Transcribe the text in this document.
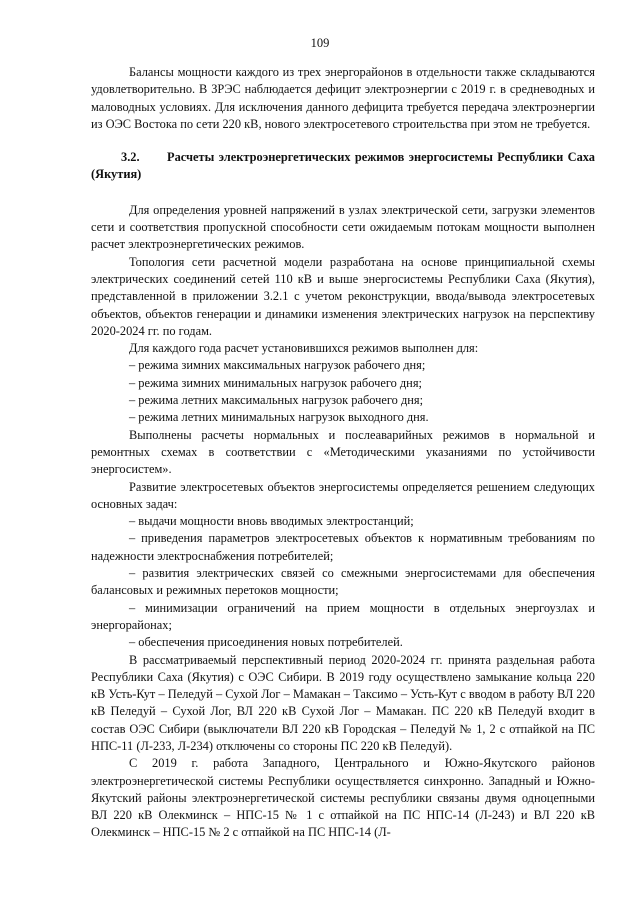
109

Балансы мощности каждого из трех энергорайонов в отдельности также складываются удовлетворительно. В ЗРЭС наблюдается дефицит электроэнергии с 2019 г. в средневодных и маловодных условиях. Для исключения данного дефицита требуется передача электроэнергии из ОЭС Востока по сети 220 кВ, нового электросетевого строительства при этом не требуется.

3.2. Расчеты электроэнергетических режимов энергосистемы Республики Саха (Якутия)

Для определения уровней напряжений в узлах электрической сети, загрузки элементов сети и соответствия пропускной способности сети ожидаемым потокам мощности выполнен расчет электроэнергетических режимов.

Топология сети расчетной модели разработана на основе принципиальной схемы электрических соединений сетей 110 кВ и выше энергосистемы Республики Саха (Якутия), представленной в приложении 3.2.1 с учетом реконструкции, ввода/вывода электросетевых объектов, объектов генерации и динамики изменения электрических нагрузок на перспективу 2020-2024 гг. по годам.

Для каждого года расчет установившихся режимов выполнен для:

– режима зимних максимальных нагрузок рабочего дня;

– режима зимних минимальных нагрузок рабочего дня;

– режима летних максимальных нагрузок рабочего дня;

– режима летних минимальных нагрузок выходного дня.

Выполнены расчеты нормальных и послеаварийных режимов в нормальной и ремонтных схемах в соответствии с «Методическими указаниями по устойчивости энергосистем».

Развитие электросетевых объектов энергосистемы определяется решением следующих основных задач:

– выдачи мощности вновь вводимых электростанций;

– приведения параметров электросетевых объектов к нормативным требованиям по надежности электроснабжения потребителей;

– развития электрических связей со смежными энергосистемами для обеспечения балансовых и режимных перетоков мощности;

– минимизации ограничений на прием мощности в отдельных энергоузлах и энергорайонах;

– обеспечения присоединения новых потребителей.

В рассматриваемый перспективный период 2020-2024 гг. принята раздельная работа Республики Саха (Якутия) с ОЭС Сибири. В 2019 году осуществлено замыкание кольца 220 кВ Усть-Кут – Пеледуй – Сухой Лог – Мамакан – Таксимо – Усть-Кут с вводом в работу ВЛ 220 кВ Пеледуй – Сухой Лог, ВЛ 220 кВ Сухой Лог – Мамакан. ПС 220 кВ Пеледуй входит в состав ОЭС Сибири (выключатели ВЛ 220 кВ Городская – Пеледуй № 1, 2 с отпайкой на ПС НПС-11 (Л-233, Л-234) отключены со стороны ПС 220 кВ Пеледуй).

С 2019 г. работа Западного, Центрального и Южно-Якутского районов электроэнергетической системы Республики осуществляется синхронно. Западный и Южно-Якутский районы электроэнергетической системы республики связаны двумя одноцепными ВЛ 220 кВ Олекминск – НПС-15 № 1 с отпайкой на ПС НПС-14 (Л-243) и ВЛ 220 кВ Олекминск – НПС-15 № 2 с отпайкой на ПС НПС-14 (Л-
